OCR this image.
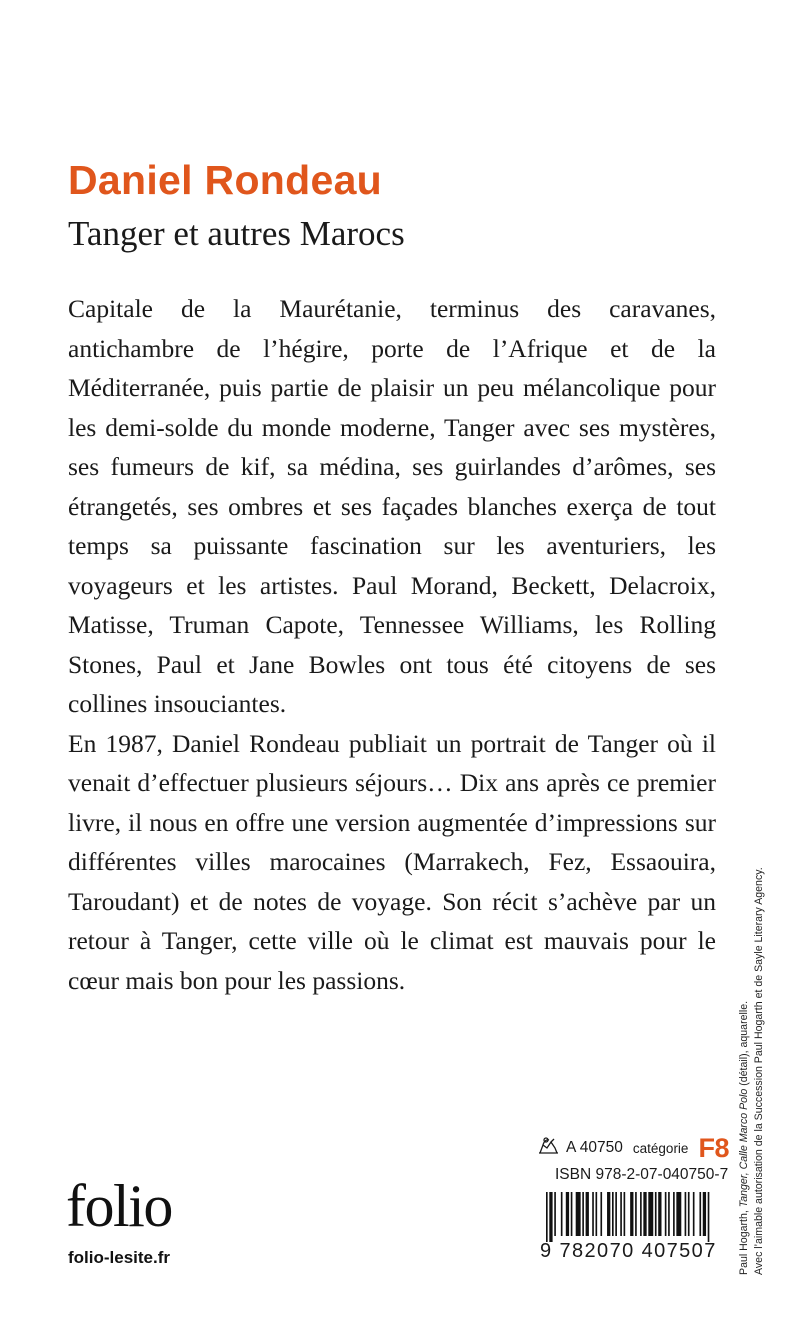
Daniel Rondeau
Tanger et autres Marocs

Capitale de la Maurétanie, terminus des caravanes, antichambre de l’hégire, porte de l’Afrique et de la Méditerranée, puis partie de plaisir un peu mélancolique pour les demi-solde du monde moderne, Tanger avec ses mystères, ses fumeurs de kif, sa médina, ses guirlandes d’arômes, ses étrangetés, ses ombres et ses façades blanches exerça de tout temps sa puissante fascination sur les aventuriers, les voyageurs et les artistes. Paul Morand, Beckett, Delacroix, Matisse, Truman Capote, Tennessee Williams, les Rolling Stones, Paul et Jane Bowles ont tous été citoyens de ses collines insouciantes.

En 1987, Daniel Rondeau publiait un portrait de Tanger où il venait d’effectuer plusieurs séjours… Dix ans après ce premier livre, il nous en offre une version augmentée d’impressions sur différentes villes marocaines (Marrakech, Fez, Essaouira, Taroudant) et de notes de voyage. Son récit s’achève par un retour à Tanger, cette ville où le climat est mauvais pour le cœur mais bon pour les passions.

Paul Hogarth, Tanger, Calle Marco Polo (détail), aquarelle. Avec l’aimable autorisation de la Succession Paul Hogarth et de Sayle Literary Agency.
A 40750 catégorie F8
ISBN 978-2-07-040750-7
9 782070 407507
folio
folio-lesite.fr
